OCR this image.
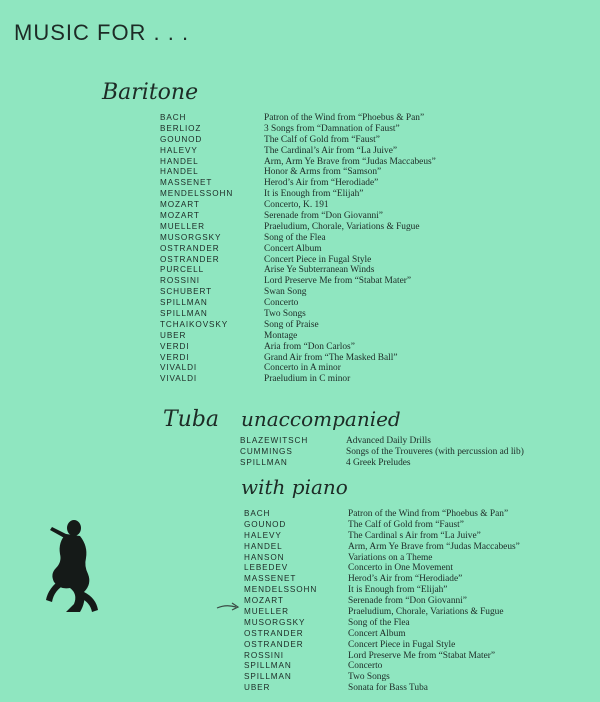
MUSIC FOR . . .
Baritone
BACH	Patron of the Wind from “Phoebus & Pan”
BERLIOZ	3 Songs from “Damnation of Faust”
GOUNOD	The Calf of Gold from “Faust”
HALEVY	The Cardinal’s Air from “La Juive”
HANDEL	Arm, Arm Ye Brave from “Judas Maccabeus”
HANDEL	Honor & Arms from “Samson”
MASSENET	Herod’s Air from “Herodiade”
MENDELSSOHN	It is Enough from “Elijah”
MOZART	Concerto, K. 191
MOZART	Serenade from “Don Giovanni”
MUELLER	Praeludium, Chorale, Variations & Fugue
MUSORGSKY	Song of the Flea
OSTRANDER	Concert Album
OSTRANDER	Concert Piece in Fugal Style
PURCELL	Arise Ye Subterranean Winds
ROSSINI	Lord Preserve Me from “Stabat Mater”
SCHUBERT	Swan Song
SPILLMAN	Concerto
SPILLMAN	Two Songs
TCHAIKOVSKY	Song of Praise
UBER	Montage
VERDI	Aria from “Don Carlos”
VERDI	Grand Air from “The Masked Ball”
VIVALDI	Concerto in A minor
VIVALDI	Praeludium in C minor
Tuba unaccompanied
BLAZEWITSCH	Advanced Daily Drills
CUMMINGS	Songs of the Trouveres (with percussion ad lib)
SPILLMAN	4 Greek Preludes
with piano
BACH	Patron of the Wind from “Phoebus & Pan”
GOUNOD	The Calf of Gold from “Faust”
HALEVY	The Cardinal s Air from “La Juive”
HANDEL	Arm, Arm Ye Brave from “Judas Maccabeus”
HANSON	Variations on a Theme
LEBEDEV	Concerto in One Movement
MASSENET	Herod’s Air from “Herodiade”
MENDELSSOHN	It is Enough from “Elijah”
MOZART	Serenade from “Don Giovanni”
MUELLER	Praeludium, Chorale, Variations & Fugue
MUSORGSKY	Song of the Flea
OSTRANDER	Concert Album
OSTRANDER	Concert Piece in Fugal Style
ROSSINI	Lord Preserve Me from “Stabat Mater”
SPILLMAN	Concerto
SPILLMAN	Two Songs
UBER	Sonata for Bass Tuba
